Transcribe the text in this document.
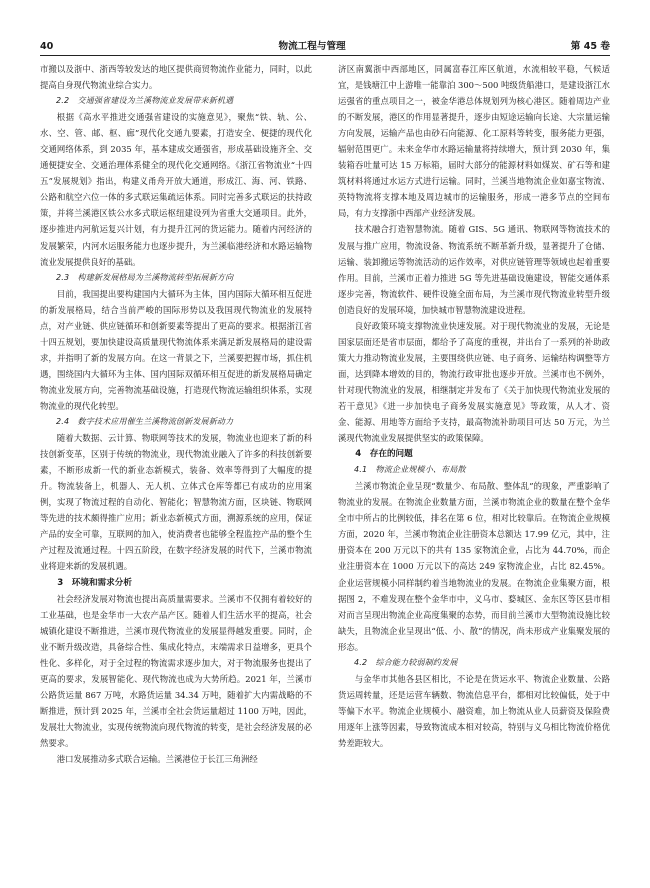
40	物流工程与管理	第 45 卷

市搬以及浙中、浙西等较发达的地区提供商贸物流作业能力，同时，以此提高自身现代物流业综合实力。

2.2　交通强省建设为兰溪物流业发展带来新机遇

根据《高水平推进交通强省建设的实施意见》，聚焦“铁、轨、公、水、空、管、邮、枢、廊”现代化交通九要素，打造安全、便捷的现代化交通网络体系，到 2035 年，基本建成交通强省，形成基础设施齐全、交通便捷安全、交通治理体系健全的现代化交通网络。《浙江省物流业“十四五”发展规划》指出，构建义甬舟开放大通道，形成江、海、河、铁路、公路和航空六位一体的多式联运集疏运体系。同时完善多式联运的扶持政策，并将兰溪港区铁公水多式联运枢纽建设列为省重大交通项目。此外，逐步推进内河航运复兴计划，有力提升江河的货运能力。随着内河经济的发展繁荣，内河水运服务能力也逐步提升，为兰溪临港经济和水路运输物流业发展提供良好的基础。

2.3　构建新发展格局为兰溪物流转型拓展新方向

目前，我国提出要构建国内大循环为主体，国内国际大循环相互促进的新发展格局，结合当前严峻的国际形势以及我国现代物流业的发展特点，对产业链、供应链循环和创新要素等提出了更高的要求。根据浙江省十四五规划，要加快建设高质量现代物流体系来满足新发展格局的建设需求，并指明了新的发展方向。在这一背景之下，兰溪要把握市场，抓住机遇，围绕国内大循环为主体、国内国际双循环相互促进的新发展格局确定物流业发展方向，完善物流基础设施，打造现代物流运输组织体系，实现物流业的现代化转型。

2.4　数字技术应用催生兰溪物流创新发展新动力

随着大数据、云计算、物联网等技术的发展，物流业也迎来了新的科技创新变革，区别于传统的物流业，现代物流业融入了许多的科技创新要素，不断形成新一代的新业态新模式，装备、效率等得到了大幅度的提升。物流装备上，机器人、无人机、立体式仓库等都已有成功的应用案例，实现了物流过程的自动化、智能化；智慧物流方面，区块链、物联网等先进的技术颇得推广应用；新业态新模式方面，溯源系统的应用，保证产品的安全可靠，互联网的加入，使消费者也能够全程监控产品的整个生产过程及流通过程。十四五阶段，在数字经济发展的时代下，兰溪市物流业将迎来新的发展机遇。

3　环境和需求分析

社会经济发展对物流也提出高质量需要求。兰溪市不仅拥有着较好的工业基础，也是金华市一大农产品产区。随着人们生活水平的提高，社会城镇化建设不断推进，兰溪市现代物流业的发展显得越发重要。同时，企业不断升级改造，具备综合性、集成化特点，末端需求日益增多，更具个性化、多样化，对于全过程的物流需求逐步加大，对于物流服务也提出了更高的要求，发展智能化、现代物流也成为大势所趋。2021 年，兰溪市公路货运量 867 万吨，水路货运量 34.34 万吨，随着扩大内需战略的不断推进，预计到 2025 年，兰溪市全社会货运量超过 1100 万吨，因此，发展壮大物流业，实现传统物流向现代物流的转变，是社会经济发展的必然要求。

港口发展推动多式联合运输。兰溪港位于长江三角洲经

济区南翼浙中西部地区，同属富春江库区航道，水流相较平稳，气候适宜，是钱塘江中上游唯一能靠泊 300～500 吨级货船港口，是建设浙江水运强省的重点项目之一，被金华港总体规划列为核心港区。随着周边产业的不断发展，港区的作用显著提升，逐步由短途运输向长途、大宗量运输方向发展，运输产品也由砂石向能源、化工原料等转变，服务能力更强，辐射范围更广。未来金华市水路运输量将持续增大，预计到 2030 年，集装箱吞吐量可达 15 万标箱，届时大部分的能源材料如煤炭、矿石等和建筑材料将通过水运方式进行运输。同时，兰溪当地物流企业如嘉宝物流、英特物流将支撑本地及周边城市的运输服务，形成一港多节点的空间布局，有力支撑浙中西部产业经济发展。

技术融合打造智慧物流。随着 GIS、5G 通讯、物联网等物流技术的发展与推广应用，物流设备、物流系统不断革新升级，显著提升了仓储、运输、装卸搬运等物流活动的运作效率，对供应链管理等领域也起着重要作用。目前，兰溪市正着力推进 5G 等先进基础设施建设，智能交通体系逐步完善，物流软件、硬件设施全面布局，为兰溪市现代物流业转型升级创造良好的发展环境，加快城市智慧物流建设进程。

良好政策环境支撑物流业快速发展。对于现代物流业的发展，无论是国家层面还是省市层面，都给予了高度的重视，并出台了一系列的补助政策大力推动物流业发展，主要围绕供应链、电子商务、运输结构调整等方面，达到降本增效的目的，物流行政审批也逐步开放。兰溪市也不例外，针对现代物流业的发展，相继制定并发布了《关于加快现代物流业发展的若干意见》《进一步加快电子商务发展实施意见》等政策，从人才、资金、能源、用地等方面给予支持，最高物流补助项目可达 50 万元，为兰溪现代物流业发展提供坚实的政策保障。

4　存在的问题

4.1　物流企业规模小、布局散

兰溪市物流企业呈现“数量少、布局散、整体乱”的现象，严重影响了物流业的发展。在物流企业数量方面，兰溪市物流企业的数量在整个金华全市中所占的比例较低，排名在第 6 位，相对比较靠后。在物流企业规模方面，2020 年，兰溪市物流企业注册资本总额达 17.99 亿元，其中，注册资本在 200 万元以下的共有 135 家物流企业，占比为 44.70%，而企业注册资本在 1000 万元以下的高达 249 家物流企业，占比 82.45%。企业运营规模小同样制约着当地物流业的发展。在物流企业集聚方面，根据图 2，不难发现在整个金华市中，义乌市、婺城区、金东区等区县市相对而言呈现出物流企业高度集聚的态势，而目前兰溪市大型物流设施比较缺失，且物流企业呈现出“低、小、散”的情况，尚未形成产业集聚发展的形态。

4.2　综合能力较弱制约发展

与金华市其他各县区相比，不论是在货运水平、物流企业数量、公路货运周转量，还是运营车辆数、物流信息平台，都相对比较偏低，处于中等偏下水平。物流企业规模小、融资难，加上物流从业人员薪资及保险费用逐年上涨等因素，导致物流成本相对较高，特别与义乌相比物流价格优势差距较大。
